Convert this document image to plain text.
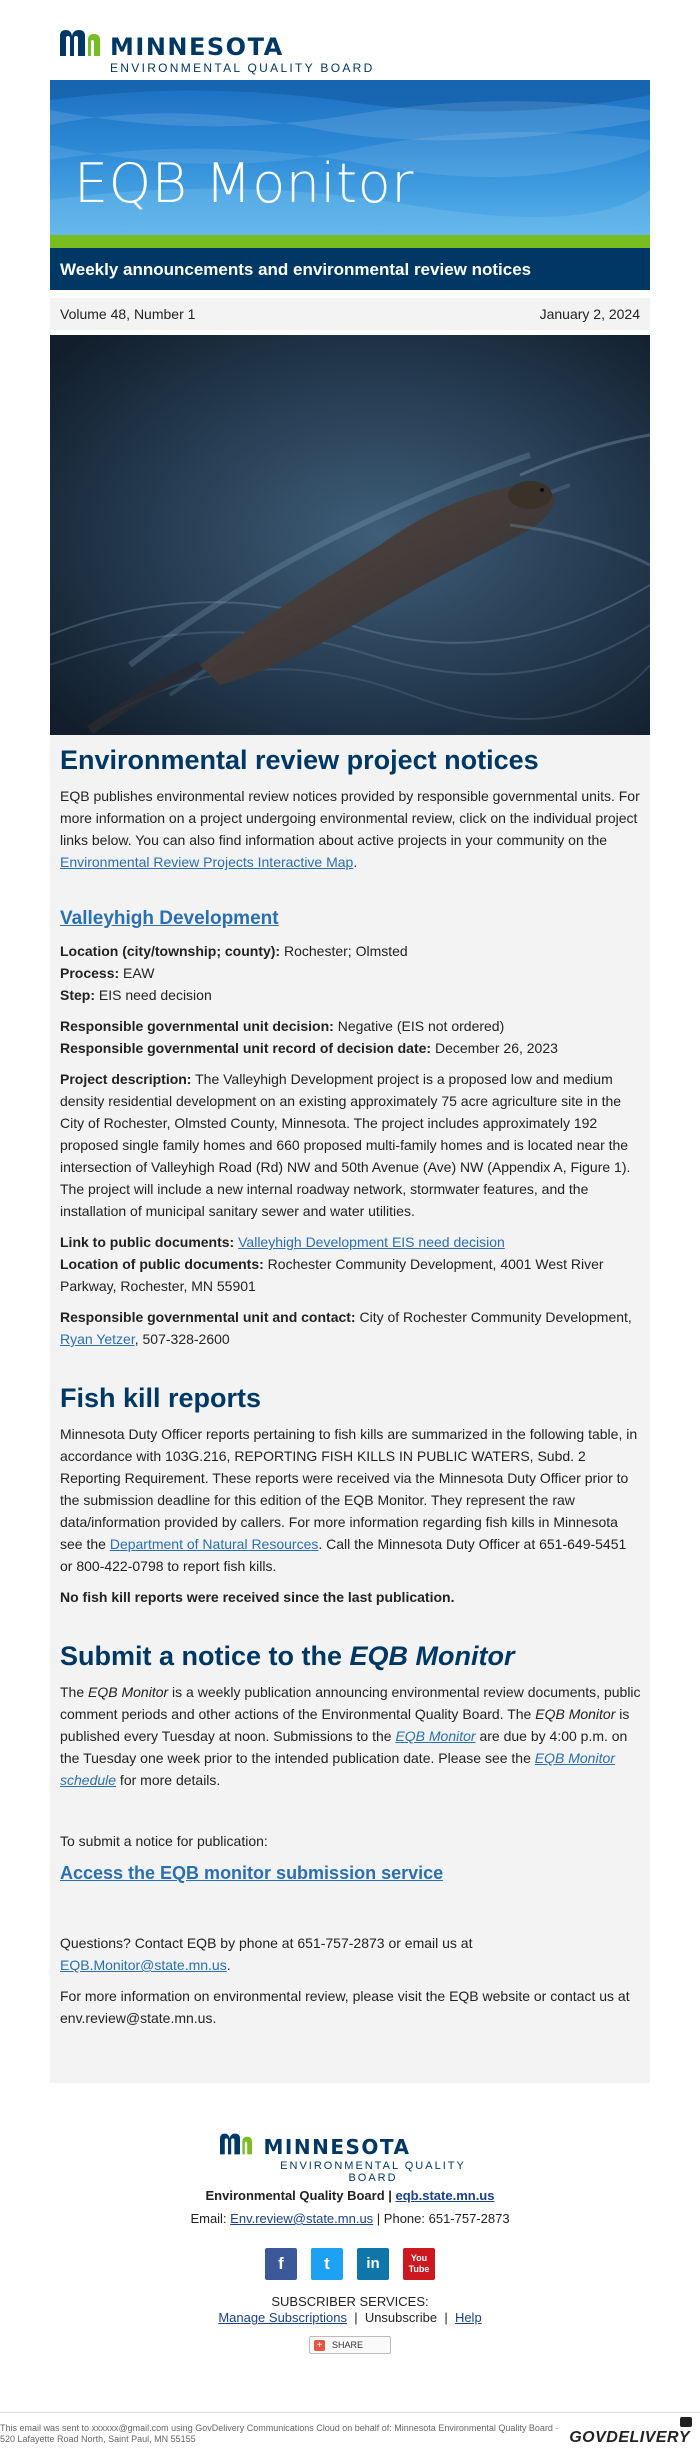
MINNESOTA
ENVIRONMENTAL QUALITY BOARD
EQB Monitor
Weekly announcements and environmental review notices
Volume 48, Number 1	January 2, 2024
Environmental review project notices

EQB publishes environmental review notices provided by responsible governmental units. For more information on a project undergoing environmental review, click on the individual project links below. You can also find information about active projects in your community on the Environmental Review Projects Interactive Map.

Valleyhigh Development

Location (city/township; county): Rochester; Olmsted

Process: EAW

Step: EIS need decision

Responsible governmental unit decision: Negative (EIS not ordered)

Responsible governmental unit record of decision date: December 26, 2023

Project description: The Valleyhigh Development project is a proposed low and medium density residential development on an existing approximately 75 acre agriculture site in the City of Rochester, Olmsted County, Minnesota. The project includes approximately 192 proposed single family homes and 660 proposed multi-family homes and is located near the intersection of Valleyhigh Road (Rd) NW and 50th Avenue (Ave) NW (Appendix A, Figure 1). The project will include a new internal roadway network, stormwater features, and the installation of municipal sanitary sewer and water utilities.

Link to public documents: Valleyhigh Development EIS need decision

Location of public documents: Rochester Community Development, 4001 West River Parkway, Rochester, MN 55901

Responsible governmental unit and contact: City of Rochester Community Development, Ryan Yetzer, 507-328-2600

Fish kill reports

Minnesota Duty Officer reports pertaining to fish kills are summarized in the following table, in accordance with 103G.216, REPORTING FISH KILLS IN PUBLIC WATERS, Subd. 2 Reporting Requirement. These reports were received via the Minnesota Duty Officer prior to the submission deadline for this edition of the EQB Monitor. They represent the raw data/information provided by callers. For more information regarding fish kills in Minnesota see the Department of Natural Resources. Call the Minnesota Duty Officer at 651-649-5451 or 800-422-0798 to report fish kills.

No fish kill reports were received since the last publication.

Submit a notice to the EQB Monitor

The EQB Monitor is a weekly publication announcing environmental review documents, public comment periods and other actions of the Environmental Quality Board. The EQB Monitor is published every Tuesday at noon. Submissions to the EQB Monitor are due by 4:00 p.m. on the Tuesday one week prior to the intended publication date. Please see the EQB Monitor schedule for more details.

To submit a notice for publication:

Access the EQB monitor submission service

Questions? Contact EQB by phone at 651-757-2873 or email us at EQB.Monitor@state.mn.us.

For more information on environmental review, please visit the EQB website or contact us at env.review@state.mn.us.

MINNESOTA
ENVIRONMENTAL QUALITY BOARD
Environmental Quality Board | eqb.state.mn.us
Email: Env.review@state.mn.us | Phone: 651-757-2873
f	t	in	You Tube
SUBSCRIBER SERVICES:
Manage Subscriptions | Unsubscribe | Help
+ SHARE
This email was sent to xxxxxx@gmail.com using GovDelivery Communications Cloud on behalf of: Minnesota Environmental Quality Board · 520 Lafayette Road North, Saint Paul, MN 55155	GOVDELIVERY
